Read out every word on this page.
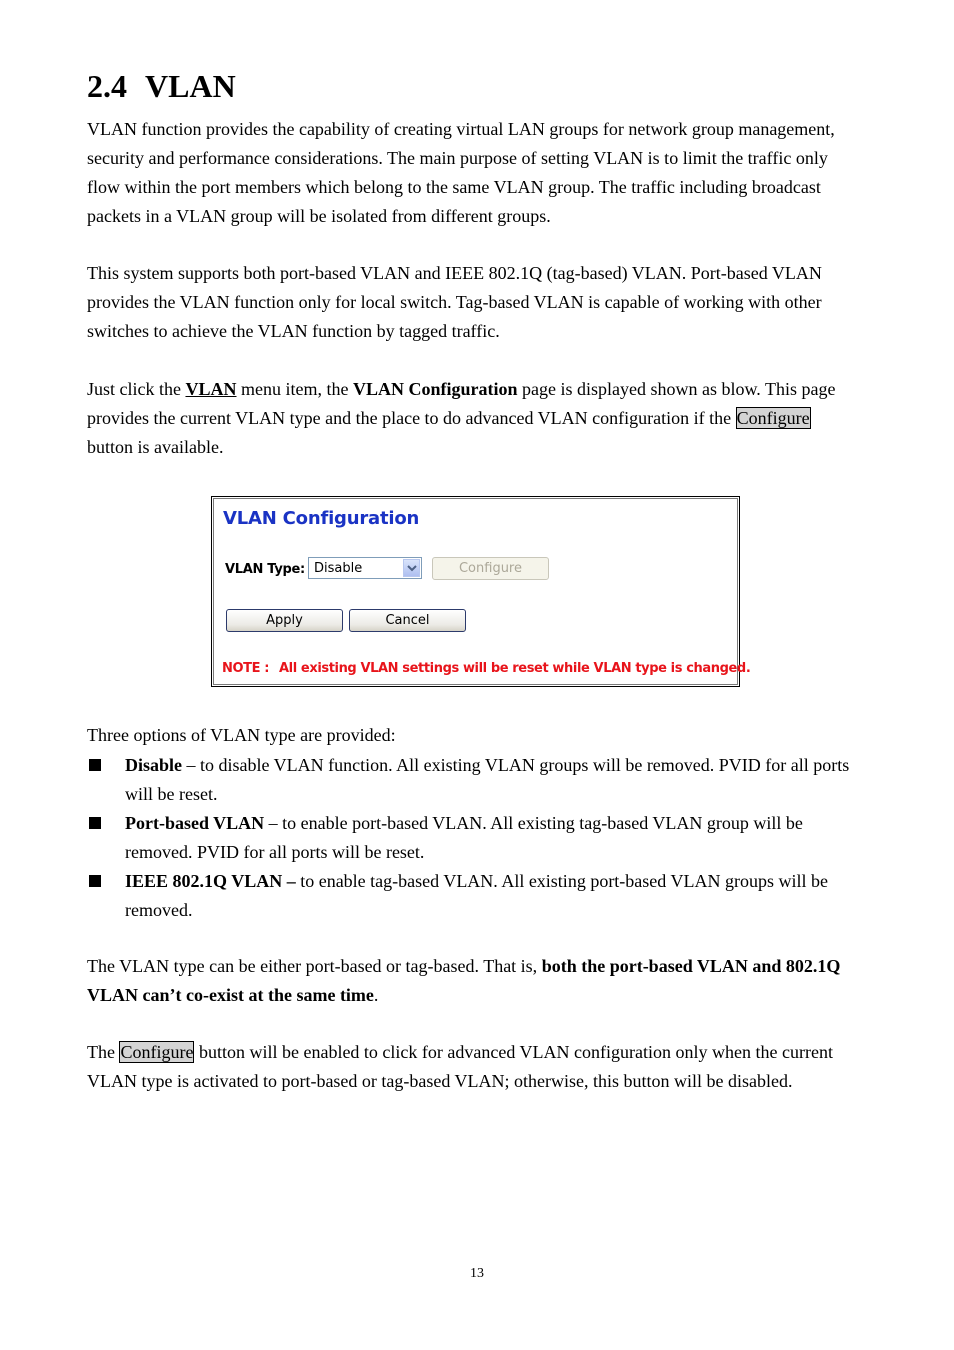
2.4 VLAN

VLAN function provides the capability of creating virtual LAN groups for network group management, security and performance considerations. The main purpose of setting VLAN is to limit the traffic only flow within the port members which belong to the same VLAN group. The traffic including broadcast packets in a VLAN group will be isolated from different groups.

This system supports both port-based VLAN and IEEE 802.1Q (tag-based) VLAN. Port-based VLAN provides the VLAN function only for local switch. Tag-based VLAN is capable of working with other switches to achieve the VLAN function by tagged traffic.

Just click the VLAN menu item, the VLAN Configuration page is displayed shown as blow. This page provides the current VLAN type and the place to do advanced VLAN configuration if the Configure button is available.

VLAN Configuration
VLAN Type: Disable	Configure
Apply	Cancel
NOTE : All existing VLAN settings will be reset while VLAN type is changed.

Three options of VLAN type are provided:

Disable – to disable VLAN function. All existing VLAN groups will be removed. PVID for all ports will be reset.
Port-based VLAN – to enable port-based VLAN. All existing tag-based VLAN group will be removed. PVID for all ports will be reset.
IEEE 802.1Q VLAN – to enable tag-based VLAN. All existing port-based VLAN groups will be removed.

The VLAN type can be either port-based or tag-based. That is, both the port-based VLAN and 802.1Q VLAN can’t co-exist at the same time.

The Configure button will be enabled to click for advanced VLAN configuration only when the current VLAN type is activated to port-based or tag-based VLAN; otherwise, this button will be disabled.

13
